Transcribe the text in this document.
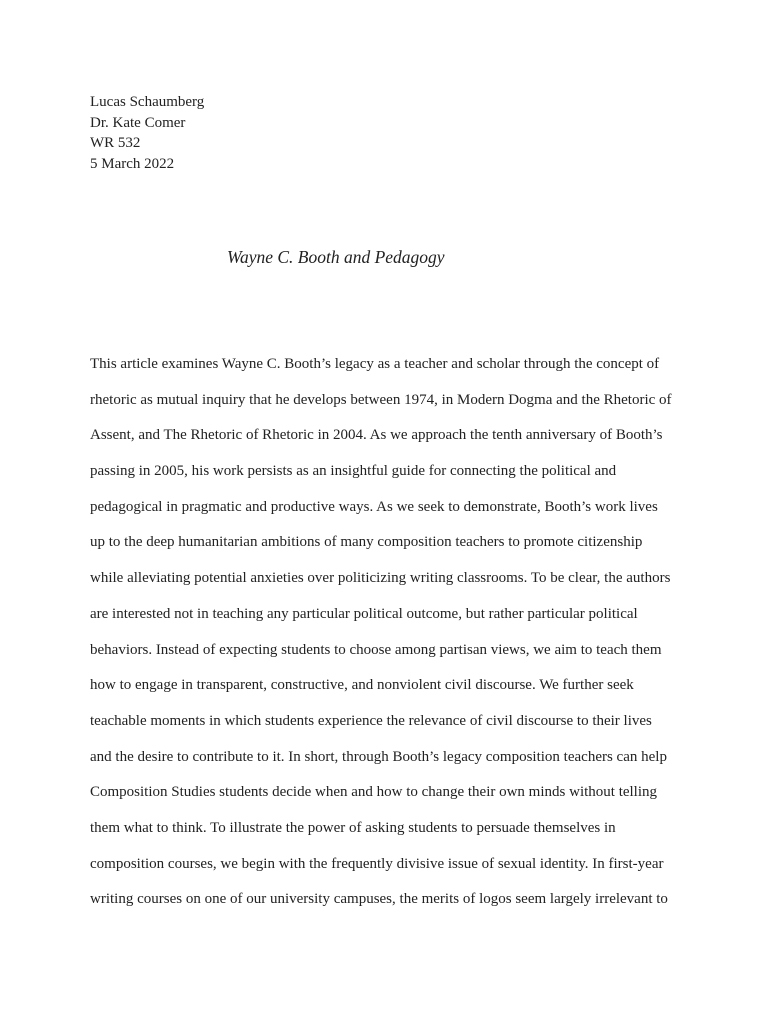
Lucas Schaumberg
Dr. Kate Comer
WR 532
5 March 2022
Wayne C. Booth and Pedagogy
This article examines Wayne C. Booth’s legacy as a teacher and scholar through the concept of
rhetoric as mutual inquiry that he develops between 1974, in Modern Dogma and the Rhetoric of
Assent, and The Rhetoric of Rhetoric in 2004. As we approach the tenth anniversary of Booth’s
passing in 2005, his work persists as an insightful guide for connecting the political and
pedagogical in pragmatic and productive ways. As we seek to demonstrate, Booth’s work lives
up to the deep humanitarian ambitions of many composition teachers to promote citizenship
while alleviating potential anxieties over politicizing writing classrooms. To be clear, the authors
are interested not in teaching any particular political outcome, but rather particular political
behaviors. Instead of expecting students to choose among partisan views, we aim to teach them
how to engage in transparent, constructive, and nonviolent civil discourse. We further seek
teachable moments in which students experience the relevance of civil discourse to their lives
and the desire to contribute to it. In short, through Booth’s legacy composition teachers can help
Composition Studies students decide when and how to change their own minds without telling
them what to think. To illustrate the power of asking students to persuade themselves in
composition courses, we begin with the frequently divisive issue of sexual identity. In first-year
writing courses on one of our university campuses, the merits of logos seem largely irrelevant to
